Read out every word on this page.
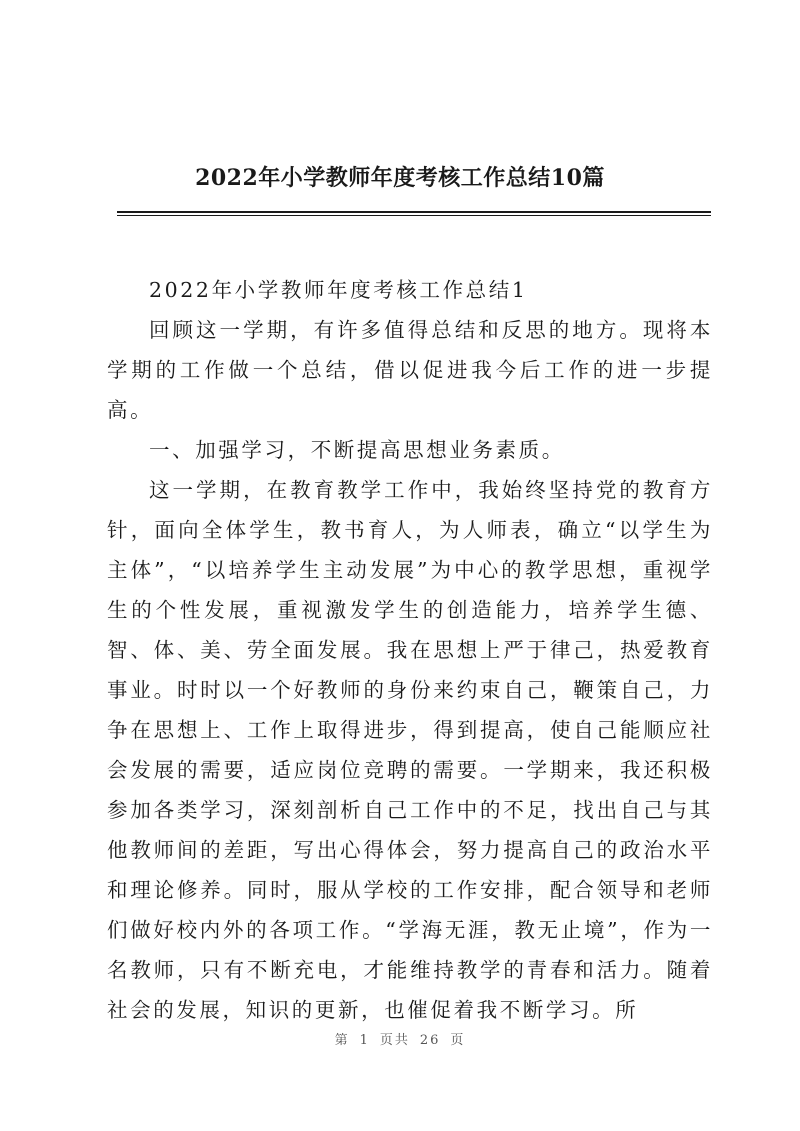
2022年小学教师年度考核工作总结10篇

2022年小学教师年度考核工作总结1

回顾这一学期，有许多值得总结和反思的地方。现将本学期的工作做一个总结，借以促进我今后工作的进一步提高。

一、加强学习，不断提高思想业务素质。

这一学期，在教育教学工作中，我始终坚持党的教育方针，面向全体学生，教书育人，为人师表，确立“以学生为主体”，“以培养学生主动发展”为中心的教学思想，重视学生的个性发展，重视激发学生的创造能力，培养学生德、智、体、美、劳全面发展。我在思想上严于律己，热爱教育事业。时时以一个好教师的身份来约束自己，鞭策自己，力争在思想上、工作上取得进步，得到提高，使自己能顺应社会发展的需要，适应岗位竞聘的需要。一学期来，我还积极参加各类学习，深刻剖析自己工作中的不足，找出自己与其他教师间的差距，写出心得体会，努力提高自己的政治水平和理论修养。同时，服从学校的工作安排，配合领导和老师们做好校内外的各项工作。“学海无涯，教无止境”，作为一名教师，只有不断充电，才能维持教学的青春和活力。随着社会的发展，知识的更新，也催促着我不断学习。所

第 1 页共 26 页
